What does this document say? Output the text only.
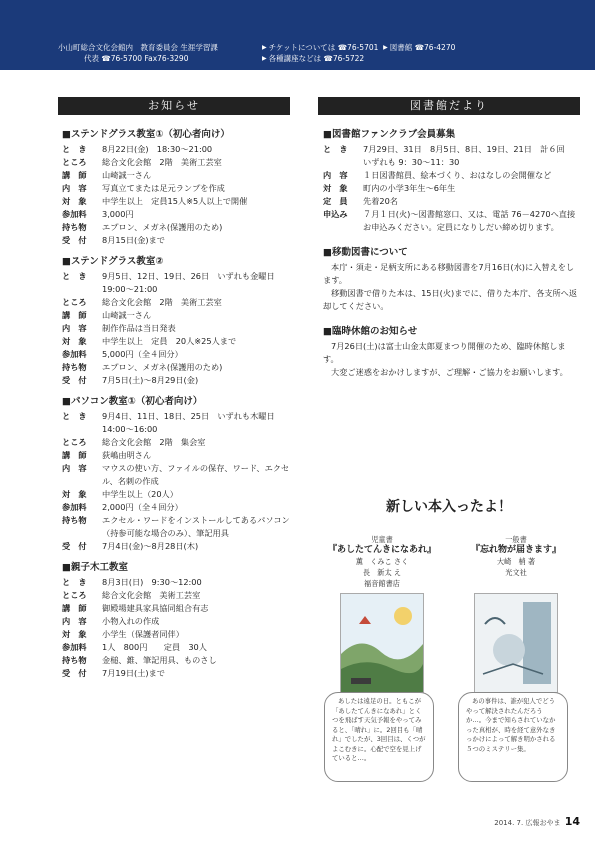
小山町総合文化会館内　教育委員会 生涯学習課
代表 ☎76-5700 Fax76-3290
▶ チケットについては
☎76-5701
▶ 図書館
☎76-4270
▶ 各種講座などは
☎76-5722
お知らせ	図書館だより
■ステンドグラス教室①（初心者向け）
と　き	8月22日(金)　18:30～21:00
ところ	総合文化会館　2階　美術工芸室
講　師	山崎誠一さん
内　容	写真立てまたは足元ランプを作成
対　象	中学生以上　定員15人※5人以上で開催
参加料	3,000円
持ち物	エプロン、メガネ(保護用のため)
受　付	8月15日(金)まで
■ステンドグラス教室②
と　き	9月5日、12日、19日、26日　いずれも金曜日　19:00～21:00
ところ	総合文化会館　2階　美術工芸室
講　師	山崎誠一さん
内　容	制作作品は当日発表
対　象	中学生以上　定員　20人※25人まで
参加料	5,000円（全４回分）
持ち物	エプロン、メガネ(保護用のため)
受　付	7月5日(土)～8月29日(金)
■パソコン教室①（初心者向け）
と　き	9月4日、11日、18日、25日　いずれも木曜日　14:00～16:00
ところ	総合文化会館　2階　集会室
講　師	荻嶋由明さん
内　容	マウスの使い方、ファイルの保存、ワード、エクセル、名刺の作成
対　象	中学生以上（20人）
参加料	2,000円（全４回分）
持ち物	エクセル・ワードをインストールしてあるパソコン（持参可能な場合のみ）、筆記用具
受　付	7月4日(金)～8月28日(木)
■親子木工教室
と　き	8月3日(日)　9:30～12:00
ところ	総合文化会館　美術工芸室
講　師	御殿場建具家具協同組合有志
内　容	小物入れの作成
対　象	小学生（保護者同伴）
参加料	1人　800円　　定員　30人
持ち物	金槌、錐、筆記用具、ものさし
受　付	7月19日(土)まで
■図書館ファンクラブ会員募集
と　き	7月29日、31日　8月5日、8日、19日、21日　計６回　いずれも 9：30～11：30
内　容	１日図書館員、絵本づくり、おはなしの会開催など
対　象	町内の小学3年生～6年生
定　員	先着20名
申込み	７月１日(火)～図書館窓口、又は、電話 76－4270へ直接お申込みください。定員になりしだい締め切ります。
■移動図書について
本庁・須走・足柄支所にある移動図書を7月16日(水)に入替えをします。
移動図書で借りた本は、15日(火)までに、借りた本庁、各支所へ返却してください。
■臨時休館のお知らせ
7月26日(土)は富士山金太郎夏まつり開催のため、臨時休館します。
大変ご迷惑をおかけしますが、ご理解・ご協力をお願いします。
新しい本入ったよ！
児童書
『あしたてんきになあれ』
薫　くみこ さく
長　新太 え
福音館書店
一般書
『忘れ物が届きます』
大崎　梢 著
光文社
あしたは遠足の日。ともこが「あしたてんきになあれ」とくつを飛ばす天気予報をやってみると、「晴れ」に。2回目も「晴れ」でしたが、3回目は、くつがよこむきに。心配で空を見上げていると…。
あの事件は、誰が犯人でどうやって解決されたんだろうか…。今まで知らされていなかった真相が、時を経て意外なきっかけによって解き明かされる５つのミステリー集。
2014. 7. 広報おやま 14
